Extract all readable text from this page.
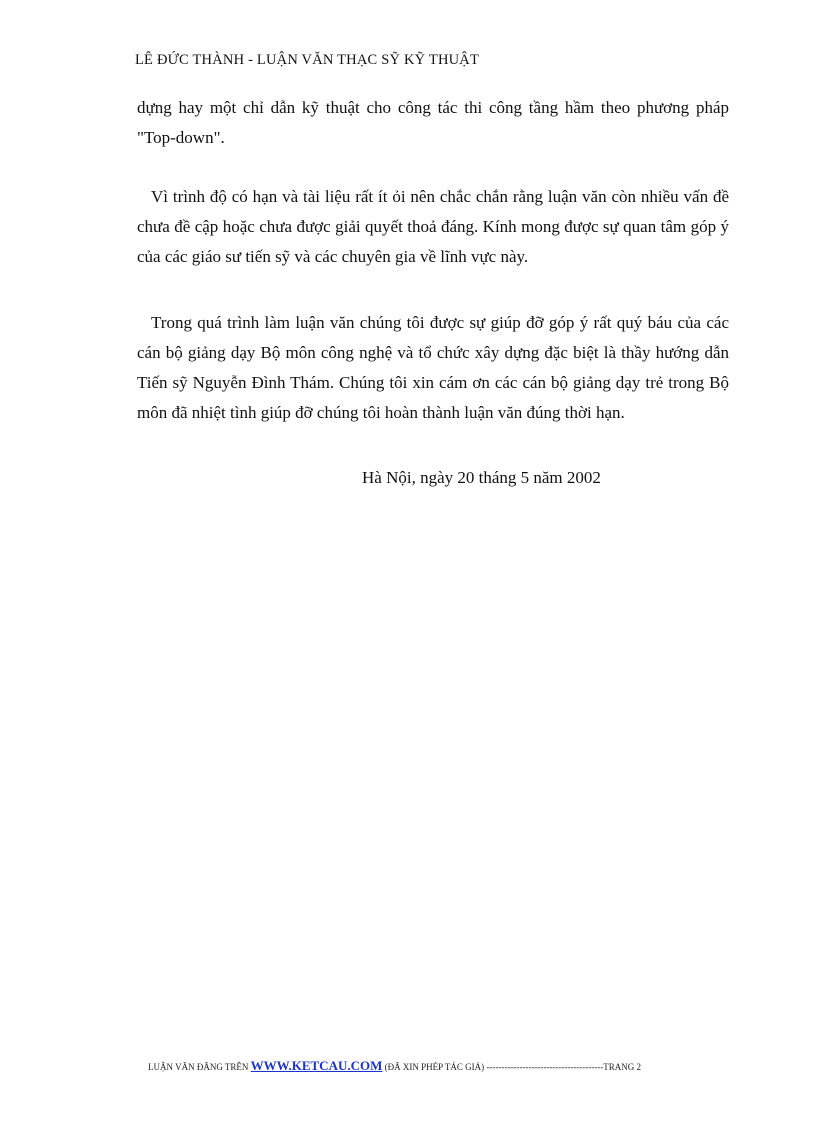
LÊ ĐỨC THÀNH - LUẬN VĂN THẠC SỸ KỸ THUẬT

dựng hay một chỉ dẫn kỹ thuật cho công tác thi công tầng hầm theo phương pháp "Top-down".

Vì trình độ có hạn và tài liệu rất ít ỏi nên chắc chắn rằng luận văn còn nhiều vấn đề chưa đề cập hoặc chưa được giải quyết thoả đáng. Kính mong được sự quan tâm góp ý của các giáo sư tiến sỹ và các chuyên gia về lĩnh vực này.

Trong quá trình làm luận văn chúng tôi được sự giúp đỡ góp ý rất quý báu của các cán bộ giảng dạy Bộ môn công nghệ và tổ chức xây dựng đặc biệt là thầy hướng dẫn Tiến sỹ Nguyễn Đình Thám. Chúng tôi xin cám ơn các cán bộ giảng dạy trẻ trong Bộ môn đã nhiệt tình giúp đỡ chúng tôi hoàn thành luận văn đúng thời hạn.

Hà Nội, ngày 20 tháng 5 năm 2002
LUẬN VĂN ĐĂNG TRÊN WWW.KETCAU.COM (ĐÃ XIN PHÉP TÁC GIẢ) ---------------------------------------TRANG 2
